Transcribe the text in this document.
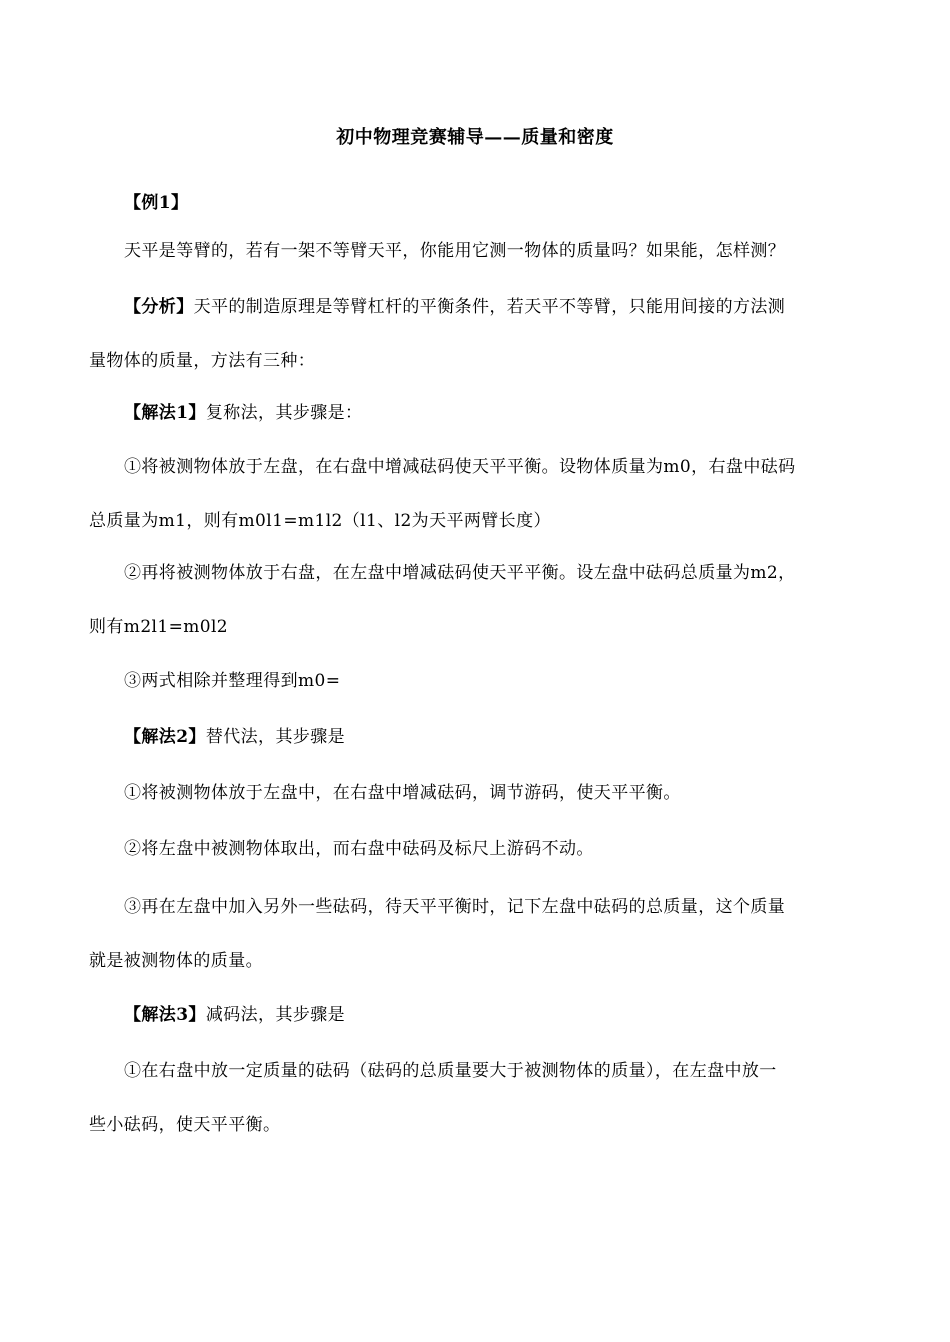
初中物理竞赛辅导——质量和密度
【例1】
天平是等臂的，若有一架不等臂天平，你能用它测一物体的质量吗？如果能，怎样测？
【分析】天平的制造原理是等臂杠杆的平衡条件，若天平不等臂，只能用间接的方法测
量物体的质量，方法有三种：
【解法1】复称法，其步骤是：
①将被测物体放于左盘，在右盘中增减砝码使天平平衡。设物体质量为m0，右盘中砝码
总质量为m1，则有m0l1=m1l2（l1、l2为天平两臂长度）
②再将被测物体放于右盘，在左盘中增减砝码使天平平衡。设左盘中砝码总质量为m2，
则有m2l1=m0l2
③两式相除并整理得到m0=
【解法2】替代法，其步骤是
①将被测物体放于左盘中，在右盘中增减砝码，调节游码，使天平平衡。
②将左盘中被测物体取出，而右盘中砝码及标尺上游码不动。
③再在左盘中加入另外一些砝码，待天平平衡时，记下左盘中砝码的总质量，这个质量
就是被测物体的质量。
【解法3】减码法，其步骤是
①在右盘中放一定质量的砝码（砝码的总质量要大于被测物体的质量），在左盘中放一
些小砝码，使天平平衡。
